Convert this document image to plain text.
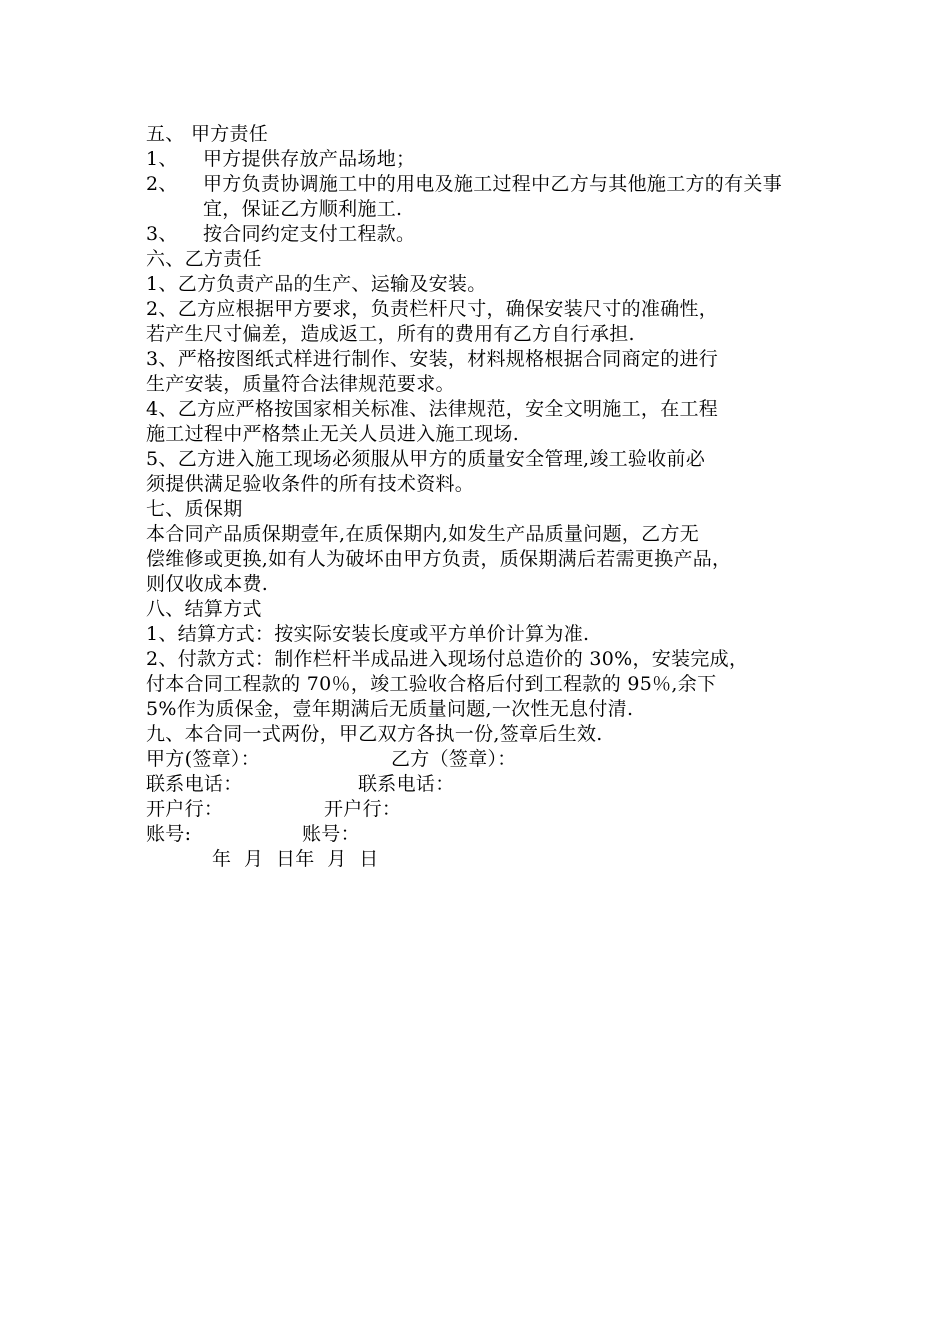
五、 甲方责任
1、 甲方提供存放产品场地；
2、 甲方负责协调施工中的用电及施工过程中乙方与其他施工方的有关事宜，保证乙方顺利施工.
3、 按合同约定支付工程款。
六、乙方责任
1、乙方负责产品的生产、运输及安装。
2、乙方应根据甲方要求，负责栏杆尺寸，确保安装尺寸的准确性，
若产生尺寸偏差，造成返工，所有的费用有乙方自行承担.
3、严格按图纸式样进行制作、安装，材料规格根据合同商定的进行
生产安装，质量符合法律规范要求。
4、乙方应严格按国家相关标准、法律规范，安全文明施工，在工程
施工过程中严格禁止无关人员进入施工现场.
5、乙方进入施工现场必须服从甲方的质量安全管理,竣工验收前必
须提供满足验收条件的所有技术资料。
七、质保期
本合同产品质保期壹年,在质保期内,如发生产品质量问题，乙方无
偿维修或更换,如有人为破坏由甲方负责，质保期满后若需更换产品，
则仅收成本费.
八、结算方式
1、结算方式：按实际安装长度或平方单价计算为准.
2、付款方式：制作栏杆半成品进入现场付总造价的 30%，安装完成，
付本合同工程款的 70％，竣工验收合格后付到工程款的 95％,余下
5%作为质保金，壹年期满后无质量问题,一次性无息付清.
九、本合同一式两份，甲乙双方各执一份,签章后生效.
甲方(签章）：	乙方（签章）：
联系电话：	联系电话：
开户行：	开户行：
账号:	账号：
年  月  日年  月  日
